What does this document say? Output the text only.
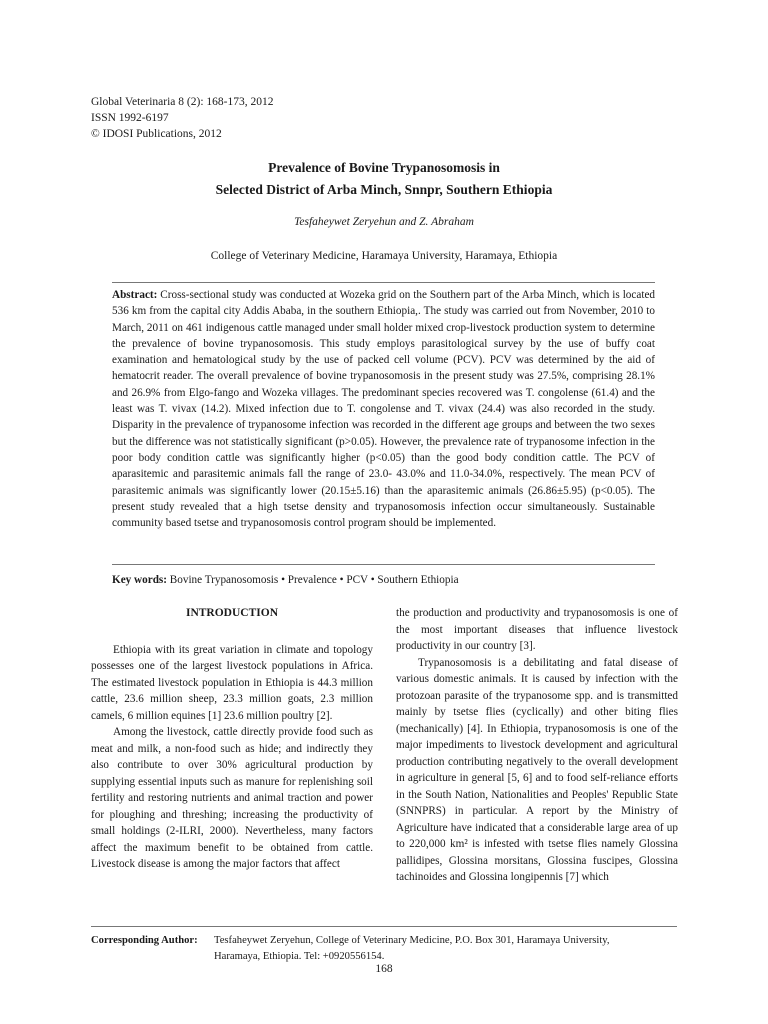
Global Veterinaria 8 (2): 168-173, 2012
ISSN 1992-6197
© IDOSI Publications, 2012
Prevalence of Bovine Trypanosomosis in
Selected District of Arba Minch, Snnpr, Southern Ethiopia
Tesfaheywet Zeryehun and Z. Abraham
College of Veterinary Medicine, Haramaya University, Haramaya, Ethiopia
Abstract: Cross-sectional study was conducted at Wozeka grid on the Southern part of the Arba Minch, which is located 536 km from the capital city Addis Ababa, in the southern Ethiopia,. The study was carried out from November, 2010 to March, 2011 on 461 indigenous cattle managed under small holder mixed crop-livestock production system to determine the prevalence of bovine trypanosomosis. This study employs parasitological survey by the use of buffy coat examination and hematological study by the use of packed cell volume (PCV). PCV was determined by the aid of hematocrit reader. The overall prevalence of bovine trypanosomosis in the present study was 27.5%, comprising 28.1% and 26.9% from Elgo-fango and Wozeka villages. The predominant species recovered was T. congolense (61.4) and the least was T. vivax (14.2). Mixed infection due to T. congolense and T. vivax (24.4) was also recorded in the study. Disparity in the prevalence of trypanosome infection was recorded in the different age groups and between the two sexes but the difference was not statistically significant (p>0.05). However, the prevalence rate of trypanosome infection in the poor body condition cattle was significantly higher (p<0.05) than the good body condition cattle. The PCV of aparasitemic and parasitemic animals fall the range of 23.0- 43.0% and 11.0-34.0%, respectively. The mean PCV of parasitemic animals was significantly lower (20.15±5.16) than the aparasitemic animals (26.86±5.95) (p<0.05). The present study revealed that a high tsetse density and trypanosomosis infection occur simultaneously. Sustainable community based tsetse and trypanosomosis control program should be implemented.
Key words: Bovine Trypanosomosis • Prevalence • PCV • Southern Ethiopia
INTRODUCTION

Ethiopia with its great variation in climate and topology possesses one of the largest livestock populations in Africa. The estimated livestock population in Ethiopia is 44.3 million cattle, 23.6 million sheep, 23.3 million goats, 2.3 million camels, 6 million equines [1] 23.6 million poultry [2].

Among the livestock, cattle directly provide food such as meat and milk, a non-food such as hide; and indirectly they also contribute to over 30% agricultural production by supplying essential inputs such as manure for replenishing soil fertility and restoring nutrients and animal traction and power for ploughing and threshing; increasing the productivity of small holdings (2-ILRI, 2000). Nevertheless, many factors affect the maximum benefit to be obtained from cattle. Livestock disease is among the major factors that affect

the production and productivity and trypanosomosis is one of the most important diseases that influence livestock productivity in our country [3].

Trypanosomosis is a debilitating and fatal disease of various domestic animals. It is caused by infection with the protozoan parasite of the trypanosome spp. and is transmitted mainly by tsetse flies (cyclically) and other biting flies (mechanically) [4]. In Ethiopia, trypanosomosis is one of the major impediments to livestock development and agricultural production contributing negatively to the overall development in agriculture in general [5, 6] and to food self-reliance efforts in the South Nation, Nationalities and Peoples' Republic State (SNNPRS) in particular. A report by the Ministry of Agriculture have indicated that a considerable large area of up to 220,000 km² is infested with tsetse flies namely Glossina pallidipes, Glossina morsitans, Glossina fuscipes, Glossina tachinoides and Glossina longipennis [7] which

Corresponding Author: Tesfaheywet Zeryehun, College of Veterinary Medicine, P.O. Box 301, Haramaya University,
Haramaya, Ethiopia. Tel: +0920556154.
168
